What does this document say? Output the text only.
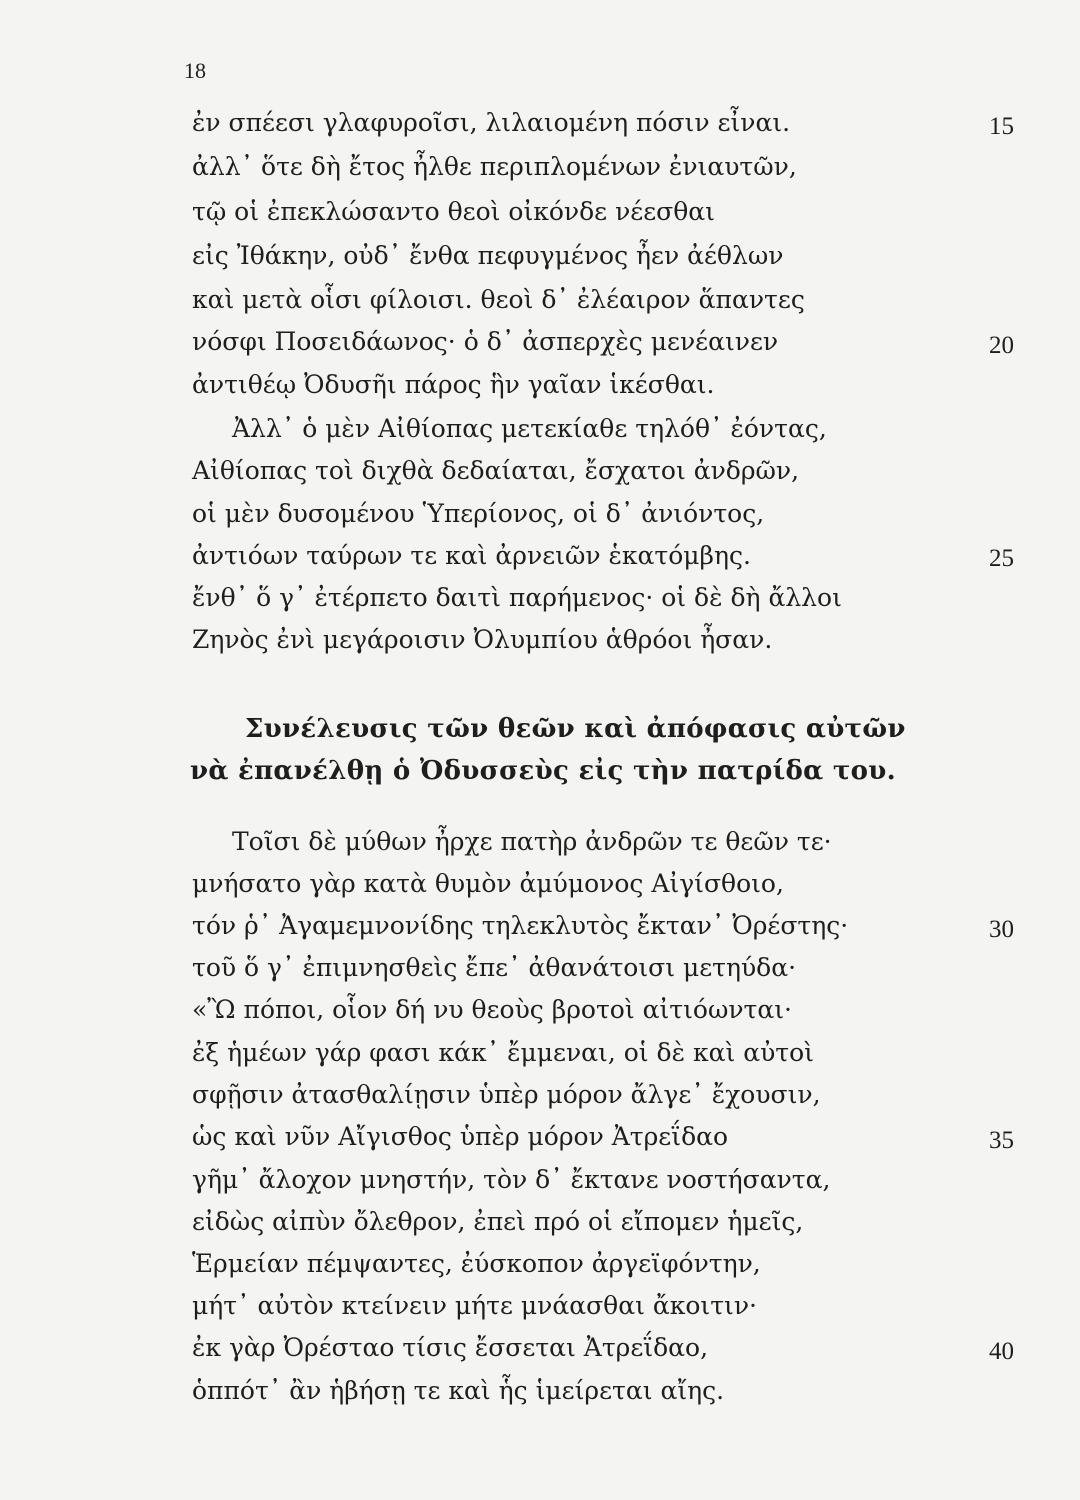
18
ἐν σπέεσι γλαφυροῖσι, λιλαιομένη πόσιν εἶναι.
ἀλλ᾿ ὅτε δὴ ἔτος ἦλθε περιπλομένων ἐνιαυτῶν,
τῷ οἱ ἐπεκλώσαντο θεοὶ οἰκόνδε νέεσθαι
εἰς Ἰθάκην, οὐδ᾿ ἔνθα πεφυγμένος ἦεν ἀέθλων
καὶ μετὰ οἷσι φίλοισι. θεοὶ δ᾿ ἐλέαιρον ἅπαντες
νόσφι Ποσειδάωνος· ὁ δ᾿ ἀσπερχὲς μενέαινεν
ἀντιθέῳ Ὀδυσῆι πάρος ἣν γαῖαν ἱκέσθαι.
Ἀλλ᾿ ὁ μὲν Αἰθίοπας μετεκίαθε τηλόθ᾿ ἐόντας,
Αἰθίοπας τοὶ διχθὰ δεδαίαται, ἔσχατοι ἀνδρῶν,
οἱ μὲν δυσομένου Ὑπερίονος, οἱ δ᾿ ἀνιόντος,
ἀντιόων ταύρων τε καὶ ἀρνειῶν ἑκατόμβης.
ἔνθ᾿ ὅ γ᾿ ἐτέρπετο δαιτὶ παρήμενος· οἱ δὲ δὴ ἄλλοι
Ζηνὸς ἐνὶ μεγάροισιν Ὀλυμπίου ἁθρόοι ἦσαν.
15
20
25
Συνέλευσις τῶν θεῶν καὶ ἀπόφασις αὐτῶν
νὰ ἐπανέλθῃ ὁ Ὀδυσσεὺς εἰς τὴν πατρίδα του.
Τοῖσι δὲ μύθων ἦρχε πατὴρ ἀνδρῶν τε θεῶν τε·
μνήσατο γὰρ κατὰ θυμὸν ἀμύμονος Αἰγίσθοιο,
τόν ῥ᾿ Ἀγαμεμνονίδης τηλεκλυτὸς ἔκταν᾿ Ὀρέστης·
τοῦ ὅ γ᾿ ἐπιμνησθεὶς ἔπε᾿ ἀθανάτοισι μετηύδα·
«Ὢ πόποι, οἷον δή νυ θεοὺς βροτοὶ αἰτιόωνται·
ἐξ ἡμέων γάρ φασι κάκ᾿ ἔμμεναι, οἱ δὲ καὶ αὐτοὶ
σφῇσιν ἀτασθαλίῃσιν ὑπὲρ μόρον ἄλγε᾿ ἔχουσιν,
ὡς καὶ νῦν Αἴγισθος ὑπὲρ μόρον Ἀτρεΐδαο
γῆμ᾿ ἄλοχον μνηστήν, τὸν δ᾿ ἔκτανε νοστήσαντα,
εἰδὼς αἰπὺν ὄλεθρον, ἐπεὶ πρό οἱ εἴπομεν ἡμεῖς,
Ἑρμείαν πέμψαντες, ἐύσκοπον ἀργεϊφόντην,
μήτ᾿ αὐτὸν κτείνειν μήτε μνάασθαι ἄκοιτιν·
ἐκ γὰρ Ὀρέσταο τίσις ἔσσεται Ἀτρεΐδαο,
ὁππότ᾿ ἂν ἡβήσῃ τε καὶ ἧς ἱμείρεται αἴης.
30
35
40
